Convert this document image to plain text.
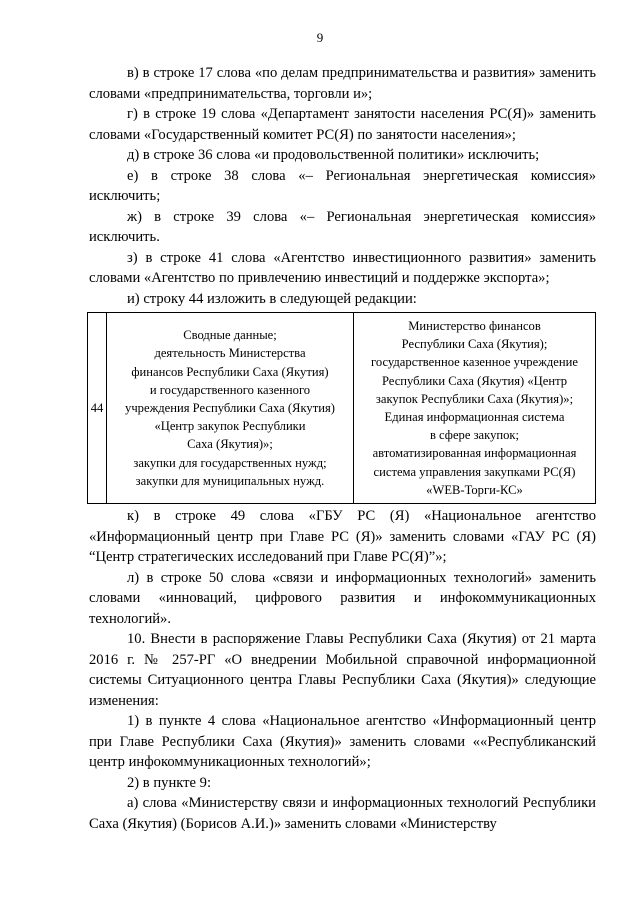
9

в) в строке 17 слова «по делам предпринимательства и развития» заменить словами «предпринимательства, торговли и»;

г) в строке 19 слова «Департамент занятости населения РС(Я)» заменить словами «Государственный комитет РС(Я) по занятости населения»;

д) в строке 36 слова «и продовольственной политики» исключить;

е) в строке 38 слова «– Региональная энергетическая комиссия» исключить;

ж) в строке 39 слова «– Региональная энергетическая комиссия» исключить.

з) в строке 41 слова «Агентство инвестиционного развития» заменить словами «Агентство по привлечению инвестиций и поддержке экспорта»;

и) строку 44 изложить в следующей редакции:

44	
Сводные данные;
деятельность Министерства
финансов Республики Саха (Якутия)
и государственного казенного
учреждения Республики Саха (Якутия)
«Центр закупок Республики
Саха (Якутия)»;
закупки для государственных нужд;
закупки для муниципальных нужд.

Министерство финансов
Республики Саха (Якутия);
государственное казенное учреждение
Республики Саха (Якутия) «Центр
закупок Республики Саха (Якутия)»;
Единая информационная система
в сфере закупок;
автоматизированная информационная
система управления закупками РС(Я)
«WEB-Торги-КС»

к) в строке 49 слова «ГБУ РС (Я) «Национальное агентство «Информационный центр при Главе РС (Я)» заменить словами «ГАУ РС (Я) “Центр стратегических исследований при Главе РС(Я)”»;

л) в строке 50 слова «связи и информационных технологий» заменить словами «инноваций, цифрового развития и инфокоммуникационных технологий».

10. Внести в распоряжение Главы Республики Саха (Якутия) от 21 марта 2016 г. № 257-РГ «О внедрении Мобильной справочной информационной системы Ситуационного центра Главы Республики Саха (Якутия)» следующие изменения:

1) в пункте 4 слова «Национальное агентство «Информационный центр при Главе Республики Саха (Якутия)» заменить словами ««Республиканский центр инфокоммуникационных технологий»;

2) в пункте 9:

а) слова «Министерству связи и информационных технологий Республики Саха (Якутия) (Борисов А.И.)» заменить словами «Министерству
